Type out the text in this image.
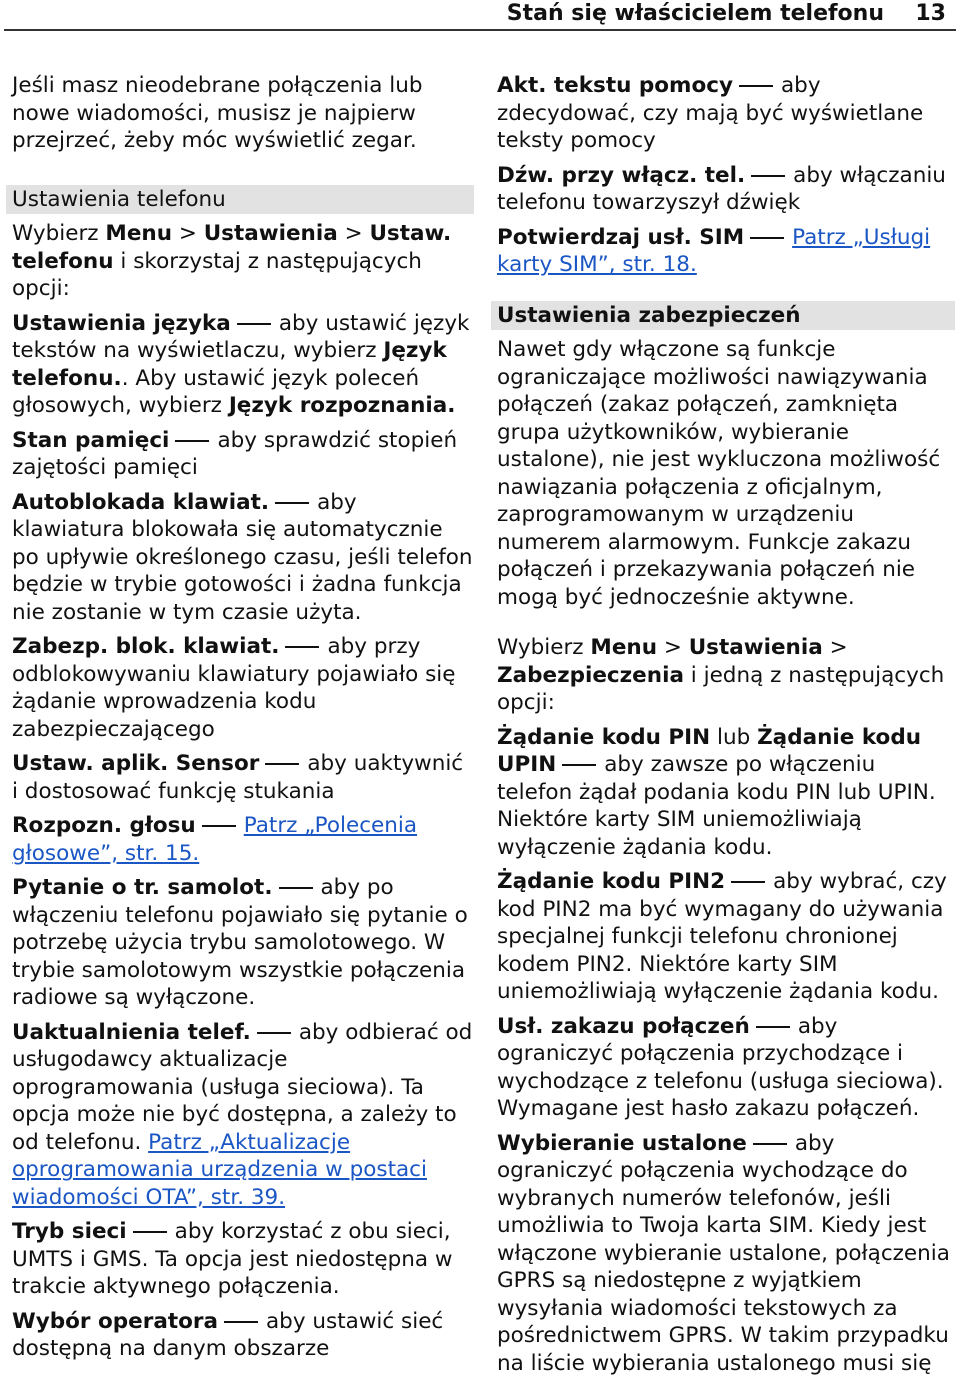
Stań się właścicielem telefonu 13

Jeśli masz nieodebrane połączenia lub nowe wiadomości, musisz je najpierw przejrzeć, żeby móc wyświetlić zegar.

Ustawienia telefonu

Wybierz Menu > Ustawienia > Ustaw. telefonu i skorzystaj z następujących opcji:

Ustawienia języka aby ustawić język tekstów na wyświetlaczu, wybierz Język telefonu.. Aby ustawić język poleceń głosowych, wybierz Język rozpoznania.

Stan pamięci aby sprawdzić stopień zajętości pamięci

Autoblokada klawiat. aby klawiatura blokowała się automatycznie po upływie określonego czasu, jeśli telefon będzie w trybie gotowości i żadna funkcja nie zostanie w tym czasie użyta.

Zabezp. blok. klawiat. aby przy odblokowywaniu klawiatury pojawiało się żądanie wprowadzenia kodu zabezpieczającego

Ustaw. aplik. Sensor aby uaktywnić i dostosować funkcję stukania

Rozpozn. głosu Patrz „Polecenia głosowe”, str. 15.

Pytanie o tr. samolot. aby po włączeniu telefonu pojawiało się pytanie o potrzebę użycia trybu samolotowego. W trybie samolotowym wszystkie połączenia radiowe są wyłączone.

Uaktualnienia telef. aby odbierać od usługodawcy aktualizacje oprogramowania (usługa sieciowa). Ta opcja może nie być dostępna, a zależy to od telefonu. Patrz „Aktualizacje oprogramowania urządzenia w postaci wiadomości OTA”, str. 39.

Tryb sieci aby korzystać z obu sieci, UMTS i GMS. Ta opcja jest niedostępna w trakcie aktywnego połączenia.

Wybór operatora aby ustawić sieć dostępną na danym obszarze

Akt. tekstu pomocy aby zdecydować, czy mają być wyświetlane teksty pomocy

Dźw. przy włącz. tel. aby włączaniu telefonu towarzyszył dźwięk

Potwierdzaj usł. SIM Patrz „Usługi karty SIM”, str. 18.

Ustawienia zabezpieczeń

Nawet gdy włączone są funkcje ograniczające możliwości nawiązywania połączeń (zakaz połączeń, zamknięta grupa użytkowników, wybieranie ustalone), nie jest wykluczona możliwość nawiązania połączenia z oficjalnym, zaprogramowanym w urządzeniu numerem alarmowym. Funkcje zakazu połączeń i przekazywania połączeń nie mogą być jednocześnie aktywne.

Wybierz Menu > Ustawienia > Zabezpieczenia i jedną z następujących opcji:

Żądanie kodu PIN lub Żądanie kodu UPIN aby zawsze po włączeniu telefon żądał podania kodu PIN lub UPIN. Niektóre karty SIM uniemożliwiają wyłączenie żądania kodu.

Żądanie kodu PIN2 aby wybrać, czy kod PIN2 ma być wymagany do używania specjalnej funkcji telefonu chronionej kodem PIN2. Niektóre karty SIM uniemożliwiają wyłączenie żądania kodu.

Usł. zakazu połączeń aby ograniczyć połączenia przychodzące i wychodzące z telefonu (usługa sieciowa). Wymagane jest hasło zakazu połączeń.

Wybieranie ustalone aby ograniczyć połączenia wychodzące do wybranych numerów telefonów, jeśli umożliwia to Twoja karta SIM. Kiedy jest włączone wybieranie ustalone, połączenia GPRS są niedostępne z wyjątkiem wysyłania wiadomości tekstowych za pośrednictwem GPRS. W takim przypadku na liście wybierania ustalonego musi się
